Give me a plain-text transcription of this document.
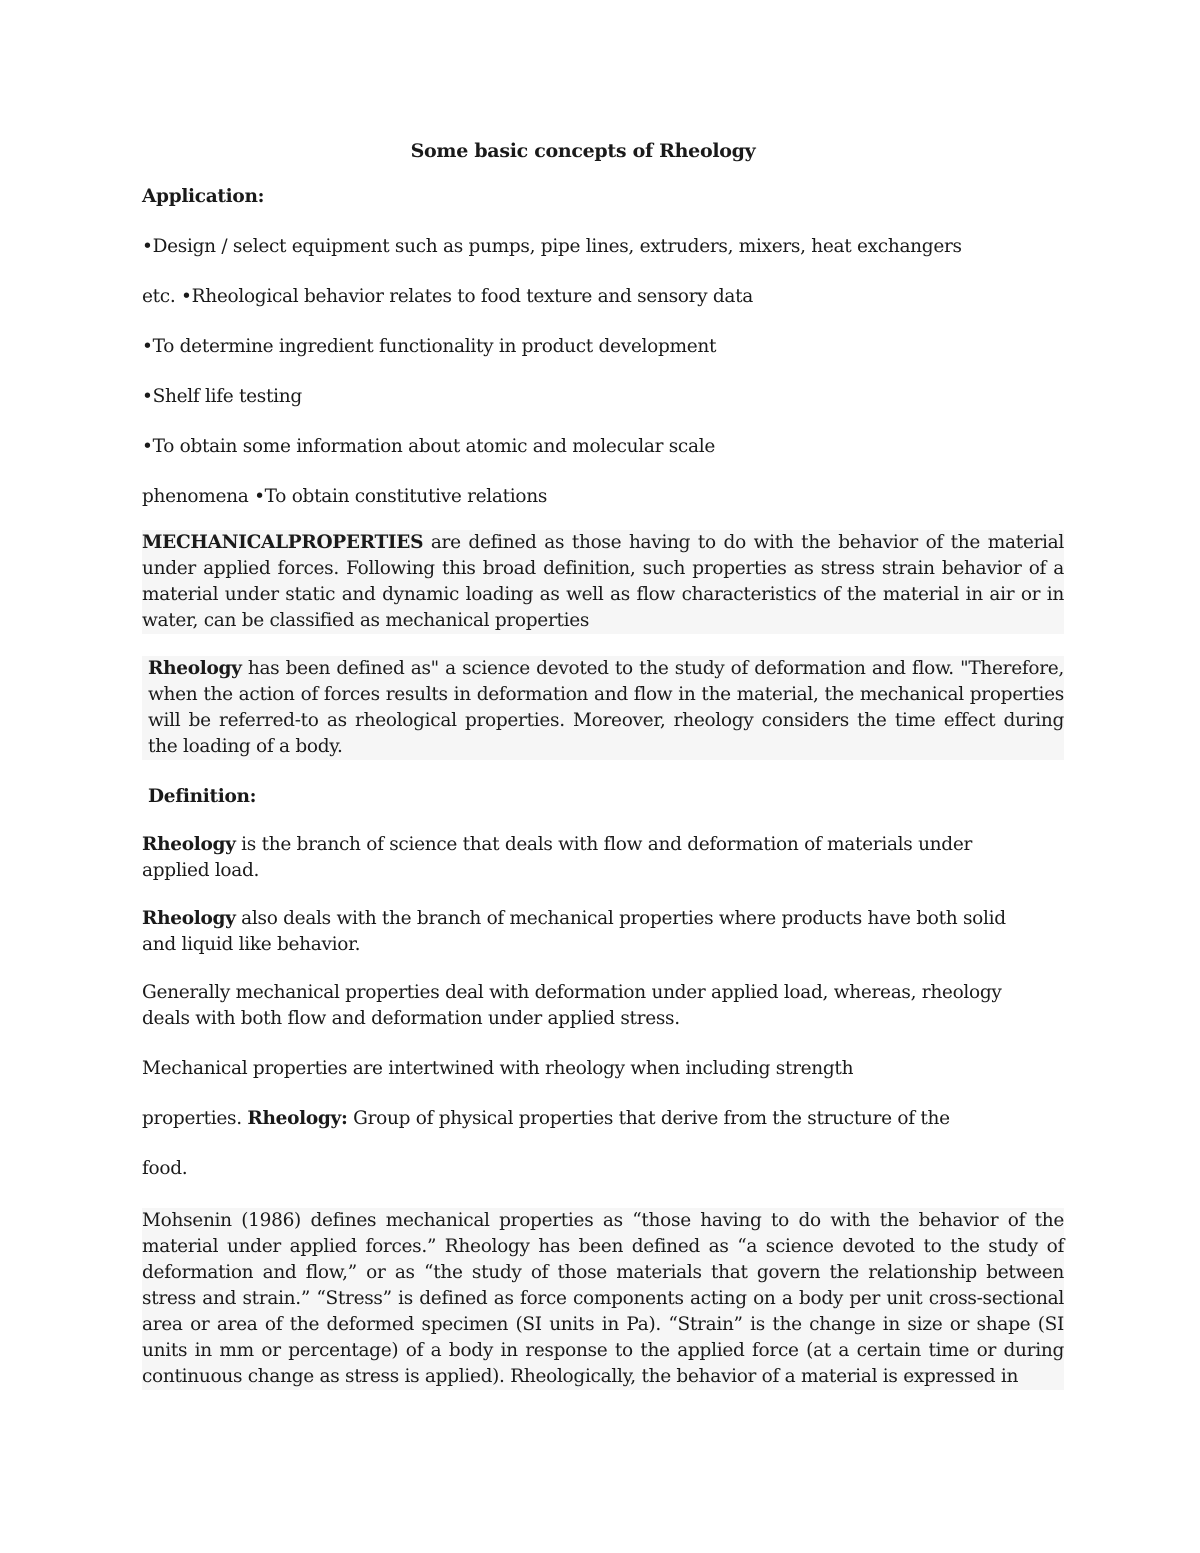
Some basic concepts of Rheology

Application:

•Design / select equipment such as pumps, pipe lines, extruders, mixers, heat exchangers

etc. •Rheological behavior relates to food texture and sensory data

•To determine ingredient functionality in product development

•Shelf life testing

•To obtain some information about atomic and molecular scale

phenomena •To obtain constitutive relations

MECHANICALPROPERTIES are defined as those having to do with the behavior of the material under applied forces. Following this broad definition, such properties as stress strain behavior of a material under static and dynamic loading as well as flow characteristics of the material in air or in water, can be classified as mechanical properties

Rheology has been defined as" a science devoted to the study of deformation and flow. "Therefore, when the action of forces results in deformation and flow in the material, the mechanical properties will be referred-to as rheological properties. Moreover, rheology considers the time effect during the loading of a body.

Definition:

Rheology is the branch of science that deals with flow and deformation of materials under applied load.

Rheology also deals with the branch of mechanical properties where products have both solid and liquid like behavior.

Generally mechanical properties deal with deformation under applied load, whereas, rheology deals with both flow and deformation under applied stress.

Mechanical properties are intertwined with rheology when including strength

properties. Rheology: Group of physical properties that derive from the structure of the

food.

Mohsenin (1986) defines mechanical properties as “those having to do with the behavior of the material under applied forces.” Rheology has been defined as “a science devoted to the study of deformation and flow,” or as “the study of those materials that govern the relationship between stress and strain.” “Stress” is defined as force components acting on a body per unit cross-sectional area or area of the deformed specimen (SI units in Pa). “Strain” is the change in size or shape (SI units in mm or percentage) of a body in response to the applied force (at a certain time or during continuous change as stress is applied). Rheologically, the behavior of a material is expressed in
